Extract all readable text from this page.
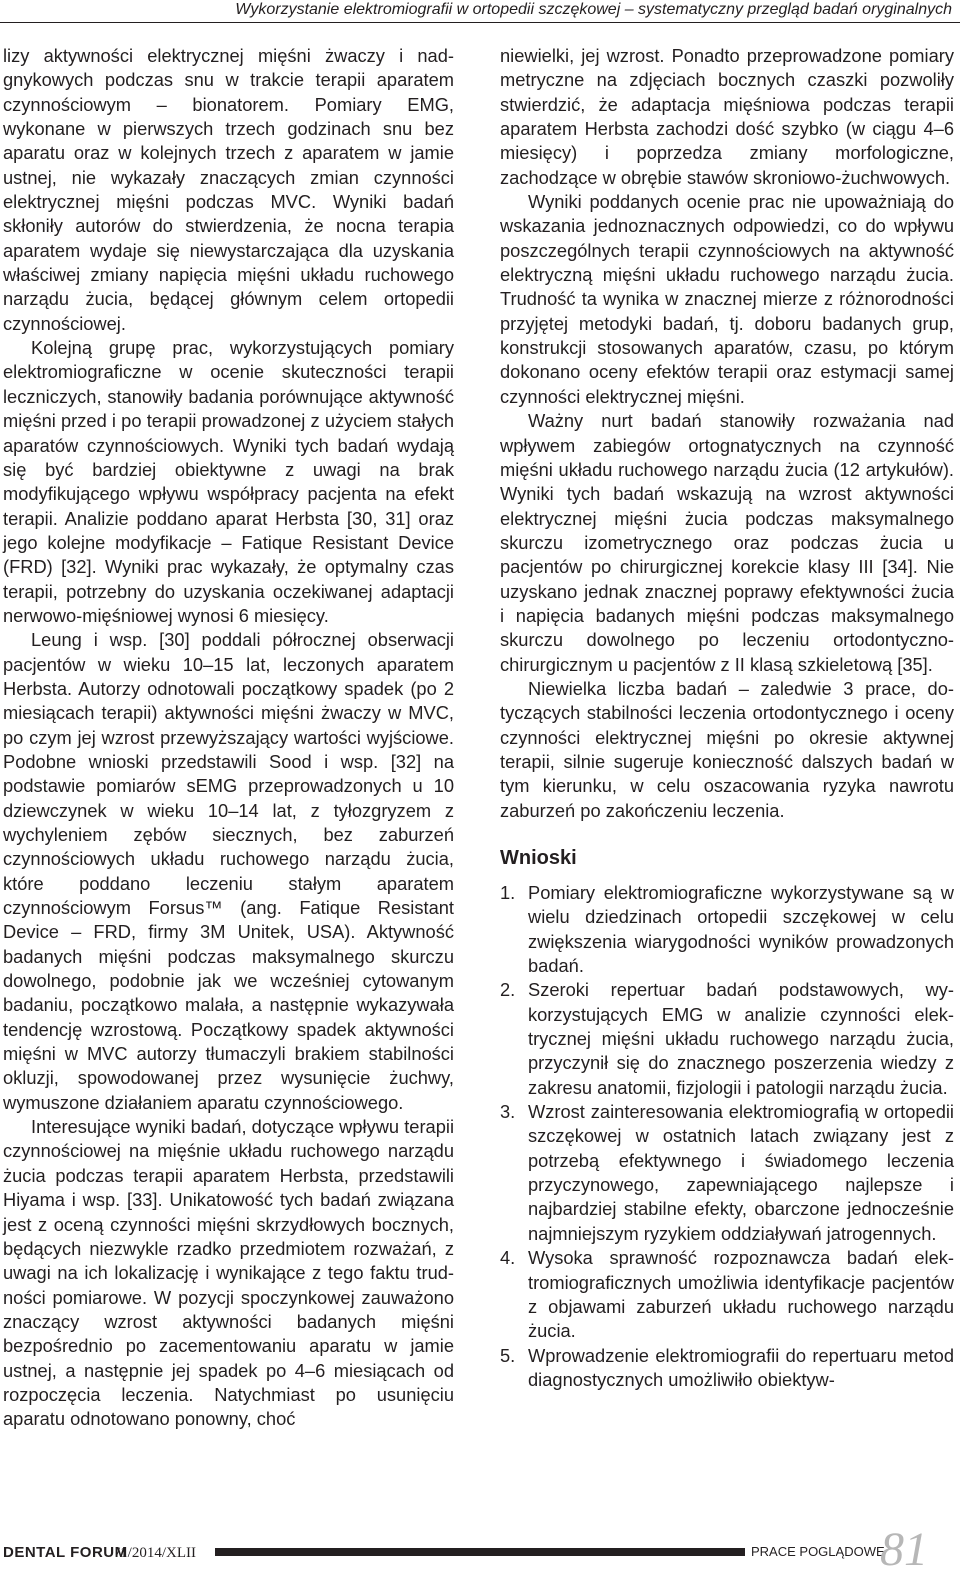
Wykorzystanie elektromiografii w ortopedii szczękowej – systematyczny przegląd badań oryginalnych

lizy aktywności elektrycznej mięśni żwaczy i nadgnykowych podczas snu w trakcie terapii aparatem czynnościowym – bionatorem. Pomiary EMG, wykonane w pierwszych trzech godzinach snu bez aparatu oraz w kolejnych trzech z aparatem w jamie ustnej, nie wykazały znaczących zmian czynności elektrycznej mięśni podczas MVC. Wyniki badań skłoniły autorów do stwierdzenia, że nocna terapia aparatem wydaje się niewystarczająca dla uzyskania właściwej zmiany napięcia mięśni układu ruchowego narządu żucia, będącej głównym celem ortopedii czynnościowej.

Kolejną grupę prac, wykorzystujących pomiary elektromiograficzne w ocenie skuteczności terapii leczniczych, stanowiły badania porównujące aktywność mięśni przed i po terapii prowadzonej z użyciem stałych aparatów czynnościowych. Wyniki tych badań wydają się być bardziej obiektywne z uwagi na brak modyfikującego wpływu współpracy pacjenta na efekt terapii. Analizie poddano aparat Herbsta [30, 31] oraz jego kolejne modyfikacje – Fatique Resistant Device (FRD) [32]. Wyniki prac wykazały, że optymalny czas terapii, potrzebny do uzyskania oczekiwanej adaptacji nerwowo-mięśniowej wynosi 6 miesięcy.

Leung i wsp. [30] poddali półrocznej obserwacji pacjentów w wieku 10–15 lat, leczonych aparatem Herbsta. Autorzy odnotowali początkowy spadek (po 2 miesiącach terapii) aktywności mięśni żwaczy w MVC, po czym jej wzrost przewyższający wartości wyjściowe. Podobne wnioski przedstawili Sood i wsp. [32] na podstawie pomiarów sEMG przeprowadzonych u 10 dziewczynek w wieku 10–14 lat, z tyłozgryzem z wychyleniem zębów siecznych, bez zaburzeń czynnościowych układu ruchowego narządu żucia, które poddano leczeniu stałym aparatem czynnościowym Forsus™ (ang. Fatique Resistant Device – FRD, firmy 3M Unitek, USA). Aktywność badanych mięśni podczas maksymalnego skurczu dowolnego, podobnie jak we wcześniej cytowanym badaniu, początkowo malała, a następnie wykazywała tendencję wzrostową. Początkowy spadek aktywności mięśni w MVC autorzy tłumaczyli brakiem stabilności okluzji, spowodowanej przez wysunięcie żuchwy, wymuszone działaniem aparatu czynnościowego.

Interesujące wyniki badań, dotyczące wpływu terapii czynnościowej na mięśnie układu ruchowego narządu żucia podczas terapii aparatem Herbsta, przedstawili Hiyama i wsp. [33]. Unikatowość tych badań związana jest z oceną czynności mięśni skrzydłowych bocznych, będących niezwykle rzadko przedmiotem rozważań, z uwagi na ich lokalizację i wynikające z tego faktu trudności pomiarowe. W pozycji spoczynkowej zauważono znaczący wzrost aktywności badanych mięśni bezpośrednio po zacementowaniu aparatu w jamie ustnej, a następnie jej spadek po 4–6 miesiącach od rozpoczęcia leczenia. Natychmiast po usunięciu aparatu odnotowano ponowny, choć

niewielki, jej wzrost. Ponadto przeprowadzone pomiary metryczne na zdjęciach bocznych czaszki pozwoliły stwierdzić, że adaptacja mięśniowa podczas terapii aparatem Herbsta zachodzi dość szybko (w ciągu 4–6 miesięcy) i poprzedza zmiany morfologiczne, zachodzące w obrębie stawów skroniowo-żuchwowych.

Wyniki poddanych ocenie prac nie upoważniają do wskazania jednoznacznych odpowiedzi, co do wpływu poszczególnych terapii czynnościowych na aktywność elektryczną mięśni układu ruchowego narządu żucia. Trudność ta wynika w znacznej mierze z różnorodności przyjętej metodyki badań, tj. doboru badanych grup, konstrukcji stosowanych aparatów, czasu, po którym dokonano oceny efektów terapii oraz estymacji samej czynności elektrycznej mięśni.

Ważny nurt badań stanowiły rozważania nad wpływem zabiegów ortognatycznych na czynność mięśni układu ruchowego narządu żucia (12 artykułów). Wyniki tych badań wskazują na wzrost aktywności elektrycznej mięśni żucia podczas maksymalnego skurczu izometrycznego oraz podczas żucia u pacjentów po chirurgicznej korekcie klasy III [34]. Nie uzyskano jednak znacznej poprawy efektywności żucia i napięcia badanych mięśni podczas maksymalnego skurczu dowolnego po leczeniu ortodontyczno-chirurgicznym u pacjentów z II klasą szkieletową [35].

Niewielka liczba badań – zaledwie 3 prace, dotyczących stabilności leczenia ortodontycznego i oceny czynności elektrycznej mięśni po okresie aktywnej terapii, silnie sugeruje konieczność dalszych badań w tym kierunku, w celu oszacowania ryzyka nawrotu zaburzeń po zakończeniu leczenia.

Wnioski
1. Pomiary elektromiograficzne wykorzystywane są w wielu dziedzinach ortopedii szczękowej w celu zwiększenia wiarygodności wyników prowadzonych badań.
2. Szeroki repertuar badań podstawowych, wykorzystujących EMG w analizie czynności elektrycznej mięśni układu ruchowego narządu żucia, przyczynił się do znacznego poszerzenia wiedzy z zakresu anatomii, fizjologii i patologii narządu żucia.
3. Wzrost zainteresowania elektromiografią w ortopedii szczękowej w ostatnich latach związany jest z potrzebą efektywnego i świadomego leczenia przyczynowego, zapewniającego najlepsze i najbardziej stabilne efekty, obarczone jednocześnie najmniejszym ryzykiem oddziaływań jatrogennych.
4. Wysoka sprawność rozpoznawcza badań elektromiograficznych umożliwia identyfikacje pacjentów z objawami zaburzeń układu ruchowego narządu żucia.
5. Wprowadzenie elektromiografii do repertuaru metod diagnostycznych umożliwiło obiektyw-
DENTAL FORUM
/1/2014/XLII	PRACE POGLĄDOWE
81
